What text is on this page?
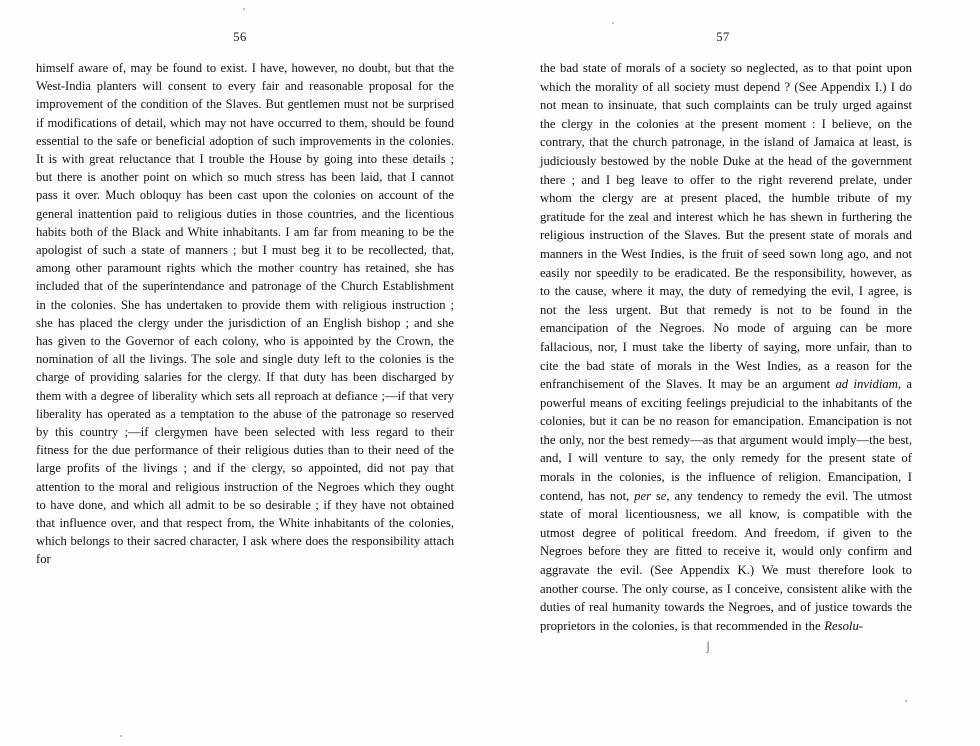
56
himself aware of, may be found to exist. I have, however, no doubt, but that the West-India planters will consent to every fair and reasonable proposal for the improvement of the condition of the Slaves. But gentlemen must not be surprised if modifications of detail, which may not have occurred to them, should be found essential to the safe or beneficial adoption of such improvements in the colonies. It is with great reluctance that I trouble the House by going into these details ; but there is another point on which so much stress has been laid, that I cannot pass it over. Much obloquy has been cast upon the colonies on account of the general inattention paid to religious duties in those countries, and the licentious habits both of the Black and White inhabitants. I am far from meaning to be the apologist of such a state of manners ; but I must beg it to be recollected, that, among other paramount rights which the mother country has retained, she has included that of the superintendance and patronage of the Church Establishment in the colonies. She has undertaken to provide them with religious instruction ; she has placed the clergy under the jurisdiction of an English bishop ; and she has given to the Governor of each colony, who is appointed by the Crown, the nomination of all the livings. The sole and single duty left to the colonies is the charge of providing salaries for the clergy. If that duty has been discharged by them with a degree of liberality which sets all reproach at defiance ;—if that very liberality has operated as a temptation to the abuse of the patronage so reserved by this country ;—if clergymen have been selected with less regard to their fitness for the due performance of their religious duties than to their need of the large profits of the livings ; and if the clergy, so appointed, did not pay that attention to the moral and religious instruction of the Negroes which they ought to have done, and which all admit to be so desirable ; if they have not obtained that influence over, and that respect from, the White inhabitants of the colonies, which belongs to their sacred character, I ask where does the responsibility attach for
57
the bad state of morals of a society so neglected, as to that point upon which the morality of all society must depend ? (See Appendix I.) I do not mean to insinuate, that such complaints can be truly urged against the clergy in the colonies at the present moment : I believe, on the contrary, that the church patronage, in the island of Jamaica at least, is judiciously bestowed by the noble Duke at the head of the government there ; and I beg leave to offer to the right reverend prelate, under whom the clergy are at present placed, the humble tribute of my gratitude for the zeal and interest which he has shewn in furthering the religious instruction of the Slaves. But the present state of morals and manners in the West Indies, is the fruit of seed sown long ago, and not easily nor speedily to be eradicated. Be the responsibility, however, as to the cause, where it may, the duty of remedying the evil, I agree, is not the less urgent. But that remedy is not to be found in the emancipation of the Negroes. No mode of arguing can be more fallacious, nor, I must take the liberty of saying, more unfair, than to cite the bad state of morals in the West Indies, as a reason for the enfranchisement of the Slaves. It may be an argument ad invidiam, a powerful means of exciting feelings prejudicial to the inhabitants of the colonies, but it can be no reason for emancipation. Emancipation is not the only, nor the best remedy—as that argument would imply—the best, and, I will venture to say, the only remedy for the present state of morals in the colonies, is the influence of religion. Emancipation, I contend, has not, per se, any tendency to remedy the evil. The utmost state of moral licentiousness, we all know, is compatible with the utmost degree of political freedom. And freedom, if given to the Negroes before they are fitted to receive it, would only confirm and aggravate the evil. (See Appendix K.) We must therefore look to another course. The only course, as I conceive, consistent alike with the duties of real humanity towards the Negroes, and of justice towards the proprietors in the colonies, is that recommended in the Resolu-
⌡
